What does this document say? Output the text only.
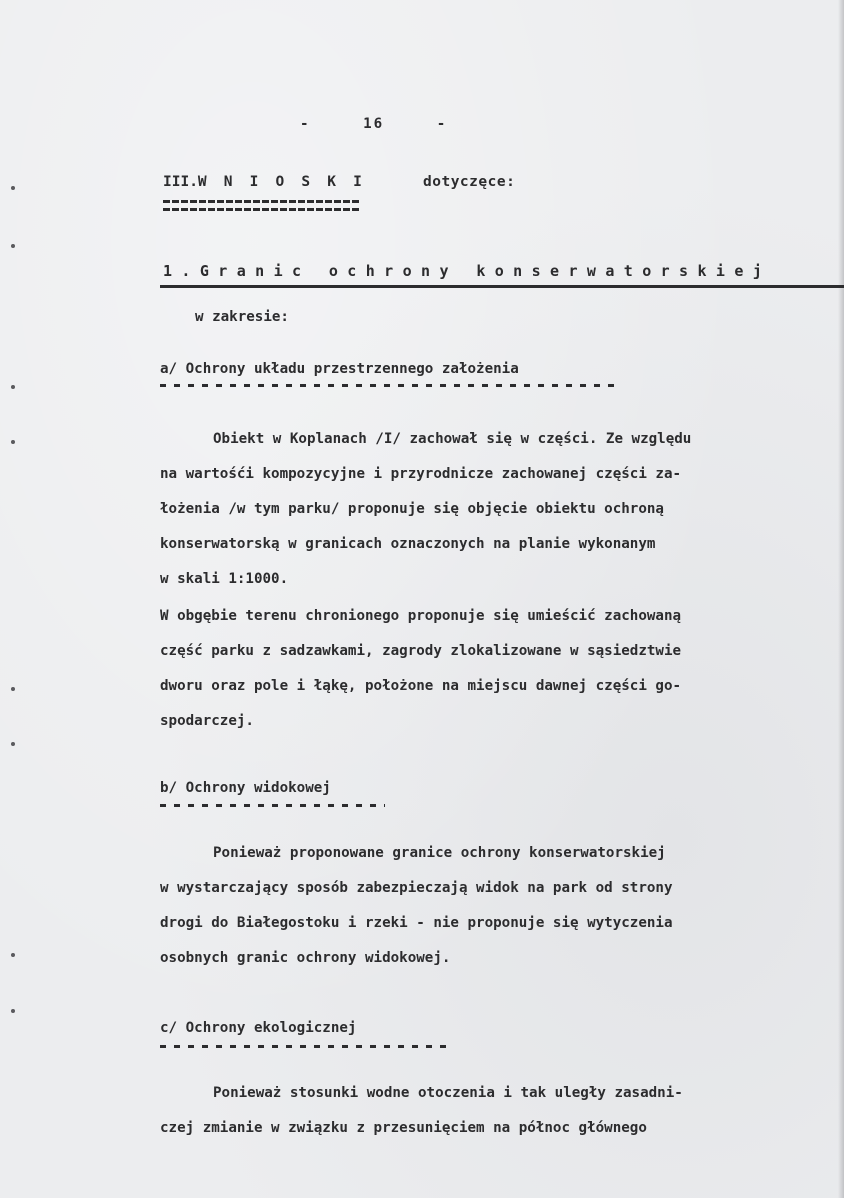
-	16	-
III.W N I O S K I	dotyczęce:
1.Granic ochrony konserwatorskiej
w zakresie:
a/ Ochrony układu przestrzennego założenia
Obiekt w Koplanach /I/ zachował się w części. Ze względu
na wartośći kompozycyjne i przyrodnicze zachowanej części za-
łożenia /w tym parku/ proponuje się objęcie obiektu ochroną
konserwatorską w granicach oznaczonych na planie wykonanym
w skali 1:1000.
W obgębie terenu chronionego proponuje się umieścić zachowaną
część parku z sadzawkami, zagrody zlokalizowane w sąsiedztwie
dworu oraz pole i łąkę, położone na miejscu dawnej części go-
spodarczej.
b/ Ochrony widokowej
Ponieważ proponowane granice ochrony konserwatorskiej
w wystarczający sposób zabezpieczają widok na park od strony
drogi do Białegostoku i rzeki - nie proponuje się wytyczenia
osobnych granic ochrony widokowej.
c/ Ochrony ekologicznej
Ponieważ stosunki wodne otoczenia i tak uległy zasadni-
czej zmianie w związku z przesunięciem na północ głównego
